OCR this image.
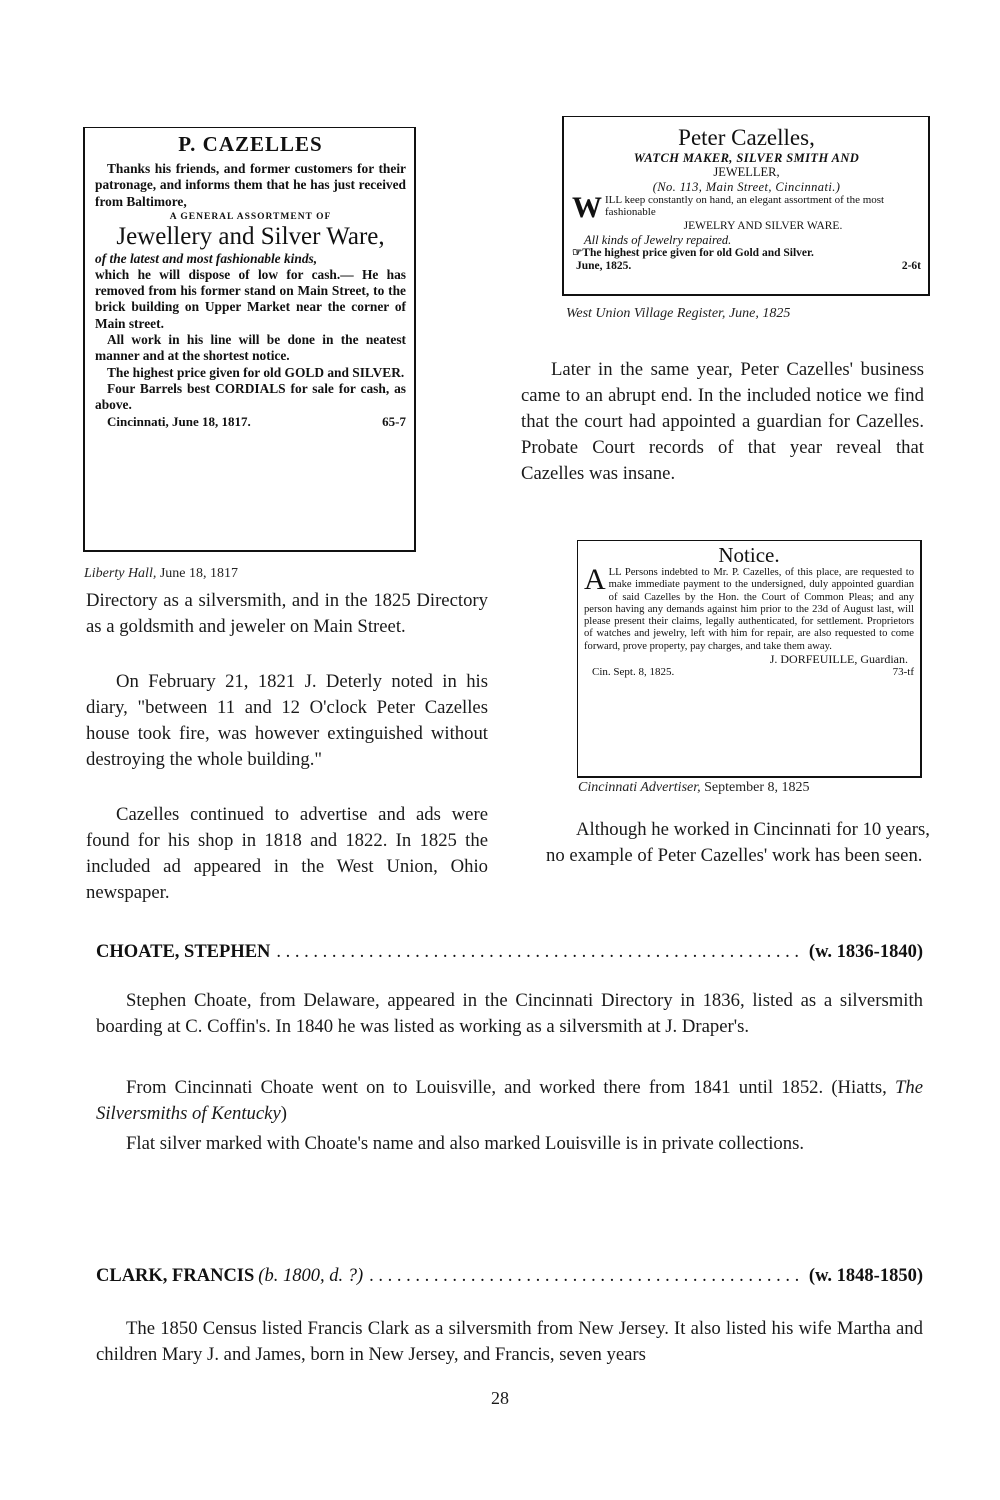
P. CAZELLES
Thanks his friends, and former customers for their patronage, and informs them that he has just received from Baltimore,
A GENERAL ASSORTMENT OF
Jewellery and Silver Ware,
of the latest and most fashionable kinds,
which he will dispose of low for cash.— He has removed from his former stand on Main Street, to the brick building on Upper Market near the corner of Main street.
All work in his line will be done in the neatest manner and at the shortest notice.
The highest price given for old GOLD and SILVER.
Four Barrels best CORDIALS for sale for cash, as above.
Cincinnati, June 18, 1817.	65-7
Liberty Hall, June 18, 1817

Directory as a silversmith, and in the 1825 Directory as a goldsmith and jeweler on Main Street.

On February 21, 1821 J. Deterly noted in his diary, "between 11 and 12 O'clock Peter Cazelles house took fire, was however extinguished without destroying the whole building."

Cazelles continued to advertise and ads were found for his shop in 1818 and 1822. In 1825 the included ad appeared in the West Union, Ohio newspaper.

Peter Cazelles,
WATCH MAKER, SILVER SMITH AND
JEWELLER,
(No. 113, Main Street, Cincinnati.)
W ILL keep constantly on hand, an elegant assortment of the most fashionable
JEWELRY AND SILVER WARE.
All kinds of Jewelry repaired.
☞The highest price given for old Gold and Silver.
June, 1825.	2-6t
West Union Village Register, June, 1825

Later in the same year, Peter Cazelles' business came to an abrupt end. In the included notice we find that the court had appointed a guardian for Cazelles. Probate Court records of that year reveal that Cazelles was insane.

Notice.
A LL Persons indebted to Mr. P. Cazelles, of this place, are requested to make immediate payment to the undersigned, duly appointed guardian of said Cazelles by the Hon. the Court of Common Pleas; and any person having any demands against him prior to the 23d of August last, will please present their claims, legally authenticated, for settlement. Proprietors of watches and jewelry, left with him for repair, are also requested to come forward, prove property, pay charges, and take them away.
J. DORFEUILLE, Guardian.
Cin. Sept. 8, 1825.	73-tf
Cincinnati Advertiser, September 8, 1825

Although he worked in Cincinnati for 10 years, no example of Peter Cazelles' work has been seen.

CHOATE, STEPHEN . . .	(w. 1836-1840)

Stephen Choate, from Delaware, appeared in the Cincinnati Directory in 1836, listed as a silversmith boarding at C. Coffin's. In 1840 he was listed as working as a silversmith at J. Draper's.

From Cincinnati Choate went on to Louisville, and worked there from 1841 until 1852. (Hiatts, The Silversmiths of Kentucky)

Flat silver marked with Choate's name and also marked Louisville is in private collections.

CLARK, FRANCIS (b. 1800, d. ?) . . .	(w. 1848-1850)

The 1850 Census listed Francis Clark as a silversmith from New Jersey. It also listed his wife Martha and children Mary J. and James, born in New Jersey, and Francis, seven years

28
